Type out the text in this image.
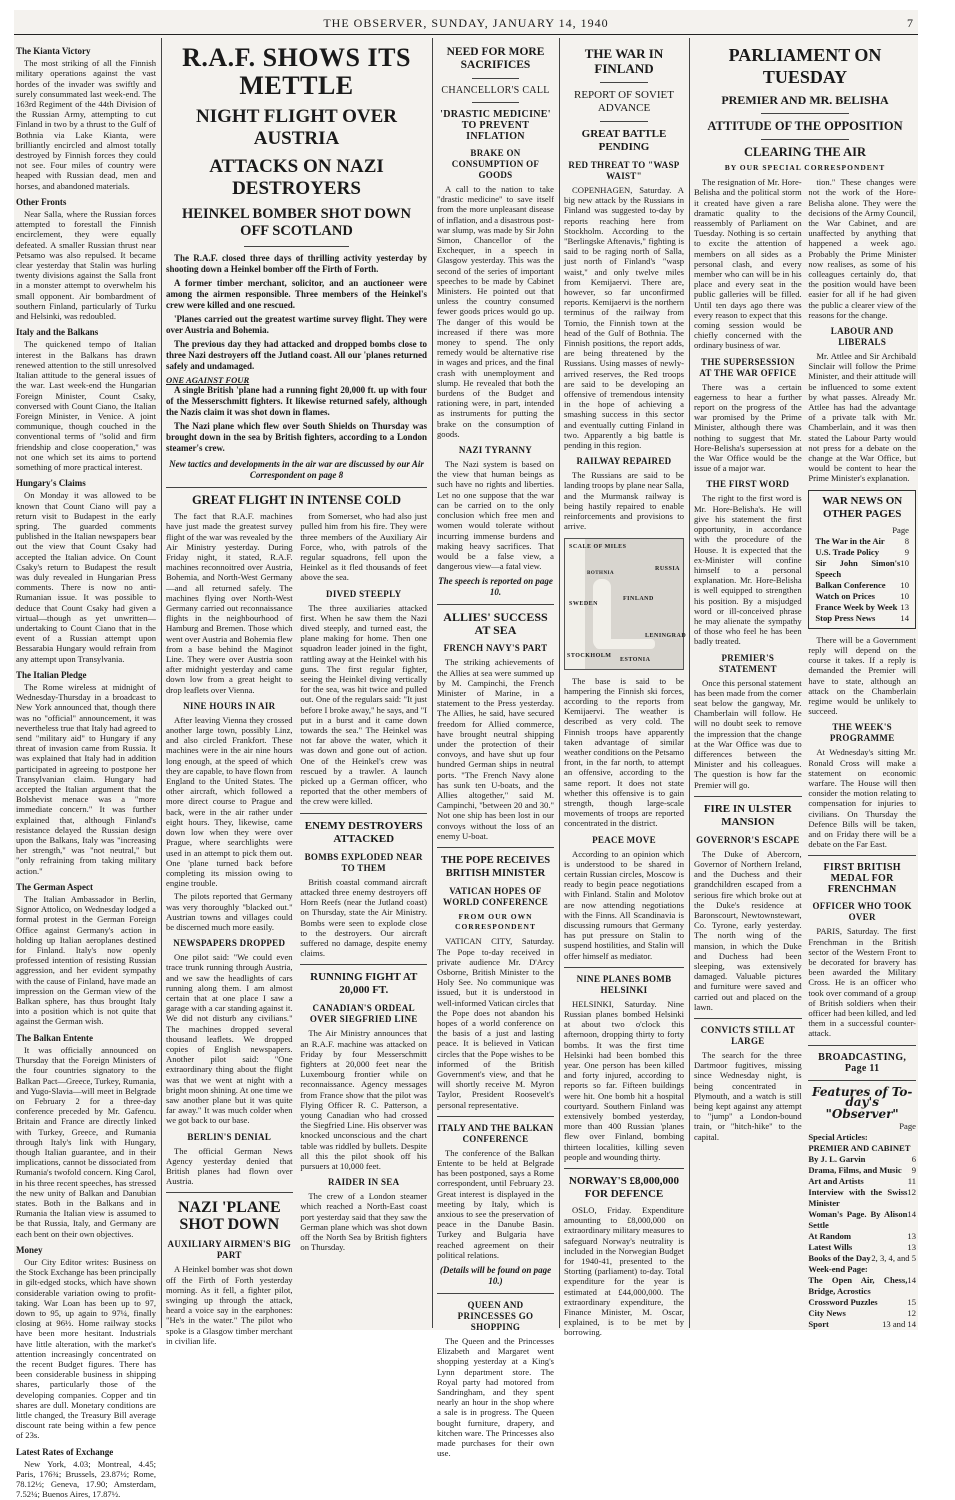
THE OBSERVER, SUNDAY, JANUARY 14, 1940	7
The Kianta Victory

The most striking of all the Finnish military operations against the vast hordes of the invader was swiftly and surely consummated last week-end. The 163rd Regiment of the 44th Division of the Russian Army, attempting to cut Finland in two by a thrust to the Gulf of Bothnia via Lake Kianta, were brilliantly encircled and almost totally destroyed by Finnish forces they could not see. Four miles of country were heaped with Russian dead, men and horses, and abandoned materials.

Other Fronts

Near Salla, where the Russian forces attempted to forestall the Finnish encirclement, they were equally defeated. A smaller Russian thrust near Petsamo was also repulsed. It became clear yesterday that Stalin was hurling twenty divisions against the Salla front in a monster attempt to overwhelm his small opponent. Air bombardment of southern Finland, particularly of Turku and Helsinki, was redoubled.

Italy and the Balkans

The quickened tempo of Italian interest in the Balkans has drawn renewed attention to the still unresolved Italian attitude to the general issues of the war. Last week-end the Hungarian Foreign Minister, Count Csaky, conversed with Count Ciano, the Italian Foreign Minister, in Venice. A joint communique, though couched in the conventional terms of "solid and firm friendship and close cooperation," was not one which set its aims to portend something of more practical interest.

Hungary's Claims

On Monday it was allowed to be known that Count Ciano will pay a return visit to Budapest in the early spring. The guarded comments published in the Italian newspapers bear out the view that Count Csaky had accepted the Italian advice. On Count Csaky's return to Budapest the result was duly revealed in Hungarian Press comments. There is now no anti-Rumanian issue. It was possible to deduce that Count Csaky had given a virtual—though as yet unwritten—undertaking to Count Ciano that in the event of a Russian attempt upon Bessarabia Hungary would refrain from any attempt upon Transylvania.

The Italian Pledge

The Rome wireless at midnight of Wednesday-Thursday in a broadcast to New York announced that, though there was no "official" announcement, it was nevertheless true that Italy had agreed to send "military aid" to Hungary if any threat of invasion came from Russia. It was explained that Italy had in addition participated in agreeing to postpone her Transylvanian claim. Hungary had accepted the Italian argument that the Bolshevist menace was a "more immediate concern." It was further explained that, although Finland's resistance delayed the Russian design upon the Balkans, Italy was "increasing her strength," was "not neutral," but "only refraining from taking military action."

The German Aspect

The Italian Ambassador in Berlin, Signor Attolico, on Wednesday lodged a formal protest in the German Foreign Office against Germany's action in holding up Italian aeroplanes destined for Finland. Italy's now openly professed intention of resisting Russian aggression, and her evident sympathy with the cause of Finland, have made an impression on the German view of the Balkan sphere, has thus brought Italy into a position which is not quite that against the German wish.

The Balkan Entente

It was officially announced on Thursday that the Foreign Ministers of the four countries signatory to the Balkan Pact—Greece, Turkey, Rumania, and Yugo-Slavia—will meet in Belgrade on February 2 for a three-day conference preceded by Mr. Gafencu. Britain and France are directly linked with Turkey, Greece, and Rumania through Italy's link with Hungary, though Italian guarantee, and in their implications, cannot be dissociated from Rumania's twofold concern. King Carol, in his three recent speeches, has stressed the new unity of Balkan and Danubian states. Both in the Balkans and in Rumania the Italian view is assumed to be that Russia, Italy, and Germany are each bent on their own objectives.

Money

Our City Editor writes: Business on the Stock Exchange has been principally in gilt-edged stocks, which have shown considerable variation owing to profit-taking. War Loan has been up to 97, down to 95, up again to 97¼, finally closing at 96½. Home railway stocks have been more hesitant. Industrials have little alteration, with the market's attention increasingly concentrated on the recent Budget figures. There has been considerable business in shipping shares, particularly those of the developing companies. Copper and tin shares are dull. Monetary conditions are little changed, the Treasury Bill average discount rate being within a few pence of 23s.

Latest Rates of Exchange

New York, 4.03; Montreal, 4.45; Paris, 176¾; Brussels, 23.87½; Rome, 78.12½; Geneva, 17.90; Amsterdam, 7.52¼; Buenos Aires, 17.87½.

R.A.F. SHOWS ITS METTLE
NIGHT FLIGHT OVER AUSTRIA
ATTACKS ON NAZI DESTROYERS
HEINKEL BOMBER SHOT DOWN OFF SCOTLAND

The R.A.F. closed three days of thrilling activity yesterday by shooting down a Heinkel bomber off the Firth of Forth.

A former timber merchant, solicitor, and an auctioneer were among the airmen responsible. Three members of the Heinkel's crew were killed and one rescued.

'Planes carried out the greatest wartime survey flight. They were over Austria and Bohemia.

The previous day they had attacked and dropped bombs close to three Nazi destroyers off the Jutland coast. All our 'planes returned safely and undamaged.

ONE AGAINST FOUR

A single British 'plane had a running fight 20,000 ft. up with four of the Messerschmitt fighters. It likewise returned safely, although the Nazis claim it was shot down in flames.

The Nazi plane which flew over South Shields on Thursday was brought down in the sea by British fighters, according to a London steamer's crew.

New tactics and developments in the air war are discussed by our Air Correspondent on page 8
GREAT FLIGHT IN INTENSE COLD

The fact that R.A.F. machines have just made the greatest survey flight of the war was revealed by the Air Ministry yesterday. During Friday night, it stated, R.A.F. machines reconnoitred over Austria, Bohemia, and North-West Germany—and all returned safely. The machines flying over North-West Germany carried out reconnaissance flights in the neighbourhood of Hamburg and Bremen. Those which went over Austria and Bohemia flew from a base behind the Maginot Line. They were over Austria soon after midnight yesterday and came down low from a great height to drop leaflets over Vienna.

NINE HOURS IN AIR

After leaving Vienna they crossed another large town, possibly Linz, and also circled Frankfort. These machines were in the air nine hours long enough, at the speed of which they are capable, to have flown from England to the United States. The other aircraft, which followed a more direct course to Prague and back, were in the air rather under eight hours. They, likewise, came down low when they were over Prague, where searchlights were used in an attempt to pick them out. One 'plane turned back before completing its mission owing to engine trouble.

The pilots reported that Germany was very thoroughly "blacked out." Austrian towns and villages could be discerned much more easily.

NEWSPAPERS DROPPED

One pilot said: "We could even trace trunk running through Austria, and we saw the headlights of cars running along them. I am almost certain that at one place I saw a garage with a car standing against it. We did not disturb any civilians." The machines dropped several thousand leaflets. We dropped copies of English newspapers. Another pilot said: "One extraordinary thing about the flight was that we went at night with a bright moon shining. At one time we saw another plane but it was quite far away." It was much colder when we got back to our base.

BERLIN'S DENIAL

The official German News Agency yesterday denied that British planes had flown over Austria.

NAZI 'PLANE SHOT DOWN
AUXILIARY AIRMEN'S BIG PART

A Heinkel bomber was shot down off the Firth of Forth yesterday morning. As it fell, a fighter pilot, swinging up through the attack, heard a voice say in the earphones: "He's in the water." The pilot who spoke is a Glasgow timber merchant in civilian life.

from Somerset, who had also just pulled him from his fire. They were three members of the Auxiliary Air Force, who, with patrols of the regular squadrons, fell upon the Heinkel as it fled thousands of feet above the sea.

DIVED STEEPLY

The three auxiliaries attacked first. When he saw them the Nazi dived steeply, and turned east, the plane making for home. Then one squadron leader joined in the fight, rattling away at the Heinkel with his guns. The first regular fighter, seeing the Heinkel diving vertically for the sea, was hit twice and pulled out. One of the regulars said: "It just before I broke away," he says, and "I put in a burst and it came down towards the sea." The Heinkel was not far above the water, which it was down and gone out of action. One of the Heinkel's crew was rescued by a trawler. A launch picked up a German officer, who reported that the other members of the crew were killed.

ENEMY DESTROYERS ATTACKED
BOMBS EXPLODED NEAR TO THEM

British coastal command aircraft attacked three enemy destroyers off Horn Reefs (near the Jutland coast) on Thursday, state the Air Ministry. Bombs were seen to explode close to the destroyers. Our aircraft suffered no damage, despite enemy claims.

RUNNING FIGHT AT 20,000 FT.
CANADIAN'S ORDEAL OVER SIEGFRIED LINE

The Air Ministry announces that an R.A.F. machine was attacked on Friday by four Messerschmitt fighters at 20,000 feet near the Luxembourg frontier while on reconnaissance. Agency messages from France show that the pilot was Flying Officer R. C. Patterson, a young Canadian who had crossed the Siegfried Line. His observer was knocked unconscious and the chart table was riddled by bullets. Despite all this the pilot shook off his pursuers at 10,000 feet.

RAIDER IN SEA

The crew of a London steamer which reached a North-East coast port yesterday said that they saw the German plane which was shot down off the North Sea by British fighters on Thursday.

NEED FOR MORE SACRIFICES
CHANCELLOR'S CALL
'DRASTIC MEDICINE' TO PREVENT INFLATION
BRAKE ON CONSUMPTION OF GOODS

A call to the nation to take "drastic medicine" to save itself from the more unpleasant disease of inflation, and a disastrous post-war slump, was made by Sir John Simon, Chancellor of the Exchequer, in a speech in Glasgow yesterday. This was the second of the series of important speeches to be made by Cabinet Ministers. He pointed out that unless the country consumed fewer goods prices would go up. The danger of this would be increased if there was more money to spend. The only remedy would be alternative rise in wages and prices, and the final crash with unemployment and slump. He revealed that both the burdens of the Budget and rationing were, in part, intended as instruments for putting the brake on the consumption of goods.

NAZI TYRANNY

The Nazi system is based on the view that human beings as such have no rights and liberties. Let no one suppose that the war can be carried on to the only conclusion which free men and women would tolerate without incurring immense burdens and making heavy sacrifices. That would be a false view, a dangerous view—a fatal view.

The speech is reported on page 10.
ALLIES' SUCCESS AT SEA
FRENCH NAVY'S PART

The striking achievements of the Allies at sea were summed up by M. Campinchi, the French Minister of Marine, in a statement to the Press yesterday. The Allies, he said, have secured freedom for Allied commerce, have brought neutral shipping under the protection of their convoys, and have shut up four hundred German ships in neutral ports. "The French Navy alone has sunk ten U-boats, and the Allies altogether," said M. Campinchi, "between 20 and 30." Not one ship has been lost in our convoys without the loss of an enemy U-boat.

THE POPE RECEIVES BRITISH MINISTER
VATICAN HOPES OF WORLD CONFERENCE
FROM OUR OWN CORRESPONDENT

VATICAN CITY, Saturday. The Pope to-day received in private audience Mr. D'Arcy Osborne, British Minister to the Holy See. No communique was issued, but it is understood in well-informed Vatican circles that the Pope does not abandon his hopes of a world conference on the basis of a just and lasting peace. It is believed in Vatican circles that the Pope wishes to be informed of the British Government's view, and that he will shortly receive M. Myron Taylor, President Roosevelt's personal representative.

ITALY AND THE BALKAN CONFERENCE

The conference of the Balkan Entente to be held at Belgrade has been postponed, says a Rome correspondent, until February 23. Great interest is displayed in the meeting by Italy, which is anxious to see the preservation of peace in the Danube Basin. Turkey and Bulgaria have reached agreement on their political relations.

(Details will be found on page 10.)
QUEEN AND PRINCESSES GO SHOPPING

The Queen and the Princesses Elizabeth and Margaret went shopping yesterday at a King's Lynn department store. The Royal party had motored from Sandringham, and they spent nearly an hour in the shop where a sale is in progress. The Queen bought furniture, drapery, and kitchen ware. The Princesses also made purchases for their own use.

THE WAR IN FINLAND
REPORT OF SOVIET ADVANCE
GREAT BATTLE PENDING
RED THREAT TO "WASP WAIST"

COPENHAGEN, Saturday. A big new attack by the Russians in Finland was suggested to-day by reports reaching here from Stockholm. According to the "Berlingske Aftenavis," fighting is said to be raging north of Salla, just north of Finland's "wasp waist," and only twelve miles from Kemijaervi. There are, however, so far unconfirmed reports. Kemijaervi is the northern terminus of the railway from Tornio, the Finnish town at the head of the Gulf of Bothnia. The Finnish positions, the report adds, are being threatened by the Russians. Using masses of newly-arrived reserves, the Red troops are said to be developing an offensive of tremendous intensity in the hope of achieving a smashing success in this sector and eventually cutting Finland in two. Apparently a big battle is pending in this region.

RAILWAY REPAIRED

The Russians are said to be landing troops by plane near Salla, and the Murmansk railway is being hastily repaired to enable reinforcements and provisions to arrive.

SCALE OF MILES
FINLAND
SWEDEN
RUSSIA
LENINGRAD
STOCKHOLM
ESTONIA
BOTHNIA

The base is said to be hampering the Finnish ski forces, according to the reports from Kemijaervi. The weather is described as very cold. The Finnish troops have apparently taken advantage of similar weather conditions on the Petsamo front, in the far north, to attempt an offensive, according to the same report. It does not state whether this offensive is to gain strength, though large-scale movements of troops are reported concentrated in the district.

PEACE MOVE

According to an opinion which is understood to be shared in certain Russian circles, Moscow is ready to begin peace negotiations with Finland. Stalin and Molotov are now attending negotiations with the Finns. All Scandinavia is discussing rumours that Germany has put pressure on Stalin to suspend hostilities, and Stalin will offer himself as mediator.

NINE PLANES BOMB HELSINKI

HELSINKI, Saturday. Nine Russian planes bombed Helsinki at about two o'clock this afternoon, dropping thirty to forty bombs. It was the first time Helsinki had been bombed this year. One person has been killed and forty injured, according to reports so far. Fifteen buildings were hit. One bomb hit a hospital courtyard. Southern Finland was extensively bombed yesterday, more than 400 Russian 'planes flew over Finland, bombing thirteen localities, killing seven people and wounding thirty.

NORWAY'S £8,000,000 FOR DEFENCE

OSLO, Friday. Expenditure amounting to £8,000,000 on extraordinary military measures to safeguard Norway's neutrality is included in the Norwegian Budget for 1940-41, presented to the Storting (parliament) to-day. Total expenditure for the year is estimated at £44,000,000. The extraordinary expenditure, the Finance Minister, M. Oscar, explained, is to be met by borrowing.

PARLIAMENT ON TUESDAY
PREMIER AND MR. BELISHA
ATTITUDE OF THE OPPOSITION
CLEARING THE AIR
BY OUR SPECIAL CORRESPONDENT

The resignation of Mr. Hore-Belisha and the political storm it created have given a rare dramatic quality to the reassembly of Parliament on Tuesday. Nothing is so certain to excite the attention of members on all sides as a personal clash, and every member who can will be in his place and every seat in the public galleries will be filled. Until ten days ago there was every reason to expect that this coming session would be chiefly concerned with the ordinary business of war.

THE SUPERSESSION AT THE WAR OFFICE

There was a certain eagerness to hear a further report on the progress of the war promised by the Prime Minister, although there was nothing to suggest that Mr. Hore-Belisha's supersession at the War Office would be the issue of a major war.

THE FIRST WORD

The right to the first word is Mr. Hore-Belisha's. He will give his statement the first opportunity, in accordance with the procedure of the House. It is expected that the ex-Minister will confine himself to a personal explanation. Mr. Hore-Belisha is well equipped to strengthen his position. By a misjudged word or ill-conceived phrase he may alienate the sympathy of those who feel he has been badly treated.

PREMIER'S STATEMENT

Once this personal statement has been made from the corner seat below the gangway, Mr. Chamberlain will follow. He will no doubt seek to remove the impression that the change at the War Office was due to differences between the Minister and his colleagues. The question is how far the Premier will go.

FIRE IN ULSTER MANSION
GOVERNOR'S ESCAPE

The Duke of Abercorn, Governor of Northern Ireland, and the Duchess and their grandchildren escaped from a serious fire which broke out at the Duke's residence at Baronscourt, Newtownstewart, Co. Tyrone, early yesterday. The north wing of the mansion, in which the Duke and Duchess had been sleeping, was extensively damaged. Valuable pictures and furniture were saved and carried out and placed on the lawn.

CONVICTS STILL AT LARGE

The search for the three Dartmoor fugitives, missing since Wednesday night, is being concentrated in Plymouth, and a watch is still being kept against any attempt to "jump" a London-bound train, or "hitch-hike" to the capital.

tion." These changes were not the work of the Hore-Belisha alone. They were the decisions of the Army Council, the War Cabinet, and are unaffected by anything that happened a week ago. Probably the Prime Minister now realises, as some of his colleagues certainly do, that the position would have been easier for all if he had given the public a clearer view of the reasons for the change.

LABOUR AND LIBERALS

Mr. Attlee and Sir Archibald Sinclair will follow the Prime Minister, and their attitude will be influenced to some extent by what passes. Already Mr. Attlee has had the advantage of a private talk with Mr. Chamberlain, and it was then stated the Labour Party would not press for a debate on the change at the War Office, but would be content to hear the Prime Minister's explanation.

WAR NEWS ON OTHER PAGES
Page
The War in the Air 8
U.S. Trade Policy	9
Sir John Simon's Speech
10
Balkan Conference 10
Watch on Prices	10
France Week by Week 13
Stop Press News	14

There will be a Government reply will depend on the course it takes. If a reply is demanded the Premier will have to state, although an attack on the Chamberlain regime would be unlikely to succeed.

THE WEEK'S PROGRAMME

At Wednesday's sitting Mr. Ronald Cross will make a statement on economic warfare. The House will then consider the motion relating to compensation for injuries to civilians. On Thursday the Defence Bills will be taken, and on Friday there will be a debate on the Far East.

FIRST BRITISH MEDAL FOR FRENCHMAN
OFFICER WHO TOOK OVER

PARIS, Saturday. The first Frenchman in the British sector of the Western Front to be decorated for bravery has been awarded the Military Cross. He is an officer who took over command of a group of British soldiers when their officer had been killed, and led them in a successful counter-attack.

BROADCASTING, Page 11
Features of To-day's
"Observer"
Page
Special Articles:
PREMIER AND CABINET
By J. L. Garvin	6
Drama, Films, and Music 9
Art and Artists	11
Interview with the Swiss Minister
12
Woman's Page. By Alison Settle
14
At Random	13
Latest Wills	13
Books of the Day 2, 3, 4, and 5
Week-end Page:
The Open Air, Chess, Bridge, Acrostics
14
Crossword Puzzles	15
City News	12
Sport	13 and 14
